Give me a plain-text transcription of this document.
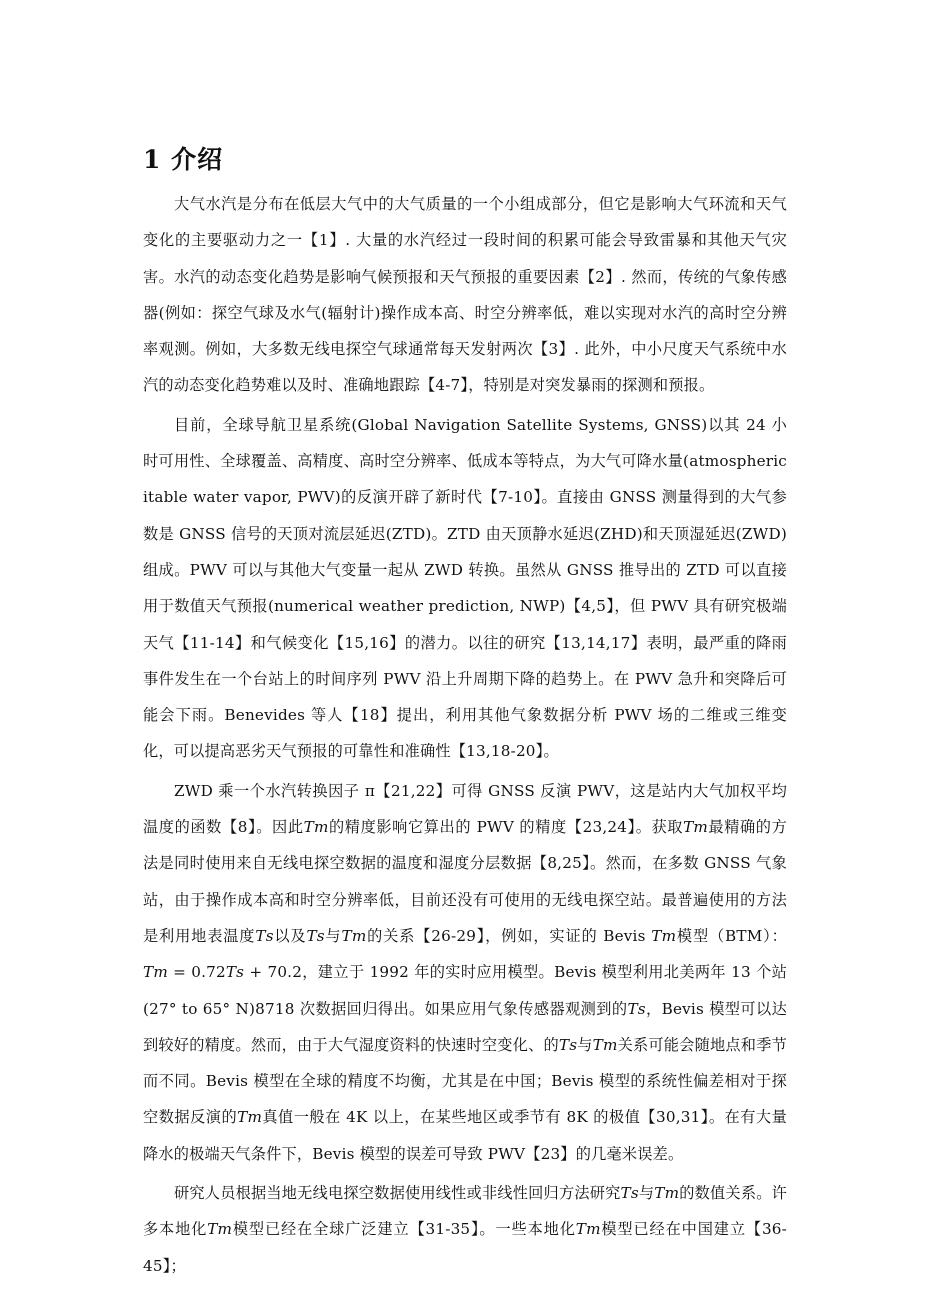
1 介绍

大气水汽是分布在低层大气中的大气质量的一个小组成部分，但它是影响大气环流和天气变化的主要驱动力之一【1】. 大量的水汽经过一段时间的积累可能会导致雷暴和其他天气灾害。水汽的动态变化趋势是影响气候预报和天气预报的重要因素【2】. 然而，传统的气象传感器(例如：探空气球及水气(辐射计)操作成本高、时空分辨率低，难以实现对水汽的高时空分辨率观测。例如，大多数无线电探空气球通常每天发射两次【3】. 此外，中小尺度天气系统中水汽的动态变化趋势难以及时、准确地跟踪【4-7】，特别是对突发暴雨的探测和预报。

目前，全球导航卫星系统(Global Navigation Satellite Systems, GNSS)以其 24 小时可用性、全球覆盖、高精度、高时空分辨率、低成本等特点，为大气可降水量(atmospheric itable water vapor, PWV)的反演开辟了新时代【7-10】。直接由 GNSS 测量得到的大气参数是 GNSS 信号的天顶对流层延迟(ZTD)。ZTD 由天顶静水延迟(ZHD)和天顶湿延迟(ZWD)组成。PWV 可以与其他大气变量一起从 ZWD 转换。虽然从 GNSS 推导出的 ZTD 可以直接用于数值天气预报(numerical weather prediction, NWP)【4,5】，但 PWV 具有研究极端天气【11-14】和气候变化【15,16】的潜力。以往的研究【13,14,17】表明，最严重的降雨事件发生在一个台站上的时间序列 PWV 沿上升周期下降的趋势上。在 PWV 急升和突降后可能会下雨。Benevides 等人【18】提出，利用其他气象数据分析 PWV 场的二维或三维变化，可以提高恶劣天气预报的可靠性和准确性【13,18-20】。

ZWD 乘一个水汽转换因子 π【21,22】可得 GNSS 反演 PWV，这是站内大气加权平均温度的函数【8】。因此𝑇𝑚的精度影响它算出的 PWV 的精度【23,24】。获取𝑇𝑚最精确的方法是同时使用来自无线电探空数据的温度和湿度分层数据【8,25】。然而，在多数 GNSS 气象站，由于操作成本高和时空分辨率低，目前还没有可使用的无线电探空站。最普遍使用的方法是利用地表温度𝑇𝑠以及𝑇𝑠与𝑇𝑚的关系【26-29】，例如，实证的 Bevis 𝑇𝑚模型（BTM）：𝑇𝑚 = 0.72𝑇𝑠 + 70.2，建立于 1992 年的实时应用模型。Bevis 模型利用北美两年 13 个站(27° to 65° N)8718 次数据回归得出。如果应用气象传感器观测到的𝑇𝑠，Bevis 模型可以达到较好的精度。然而，由于大气湿度资料的快速时空变化、的𝑇𝑠与𝑇𝑚关系可能会随地点和季节而不同。Bevis 模型在全球的精度不均衡，尤其是在中国；Bevis 模型的系统性偏差相对于探空数据反演的𝑇𝑚真值一般在 4K 以上，在某些地区或季节有 8K 的极值【30,31】。在有大量降水的极端天气条件下，Bevis 模型的误差可导致 PWV【23】的几毫米误差。

研究人员根据当地无线电探空数据使用线性或非线性回归方法研究𝑇𝑠与𝑇𝑚的数值关系。许多本地化𝑇𝑚模型已经在全球广泛建立【31-35】。一些本地化𝑇𝑚模型已经在中国建立【36-45】；
